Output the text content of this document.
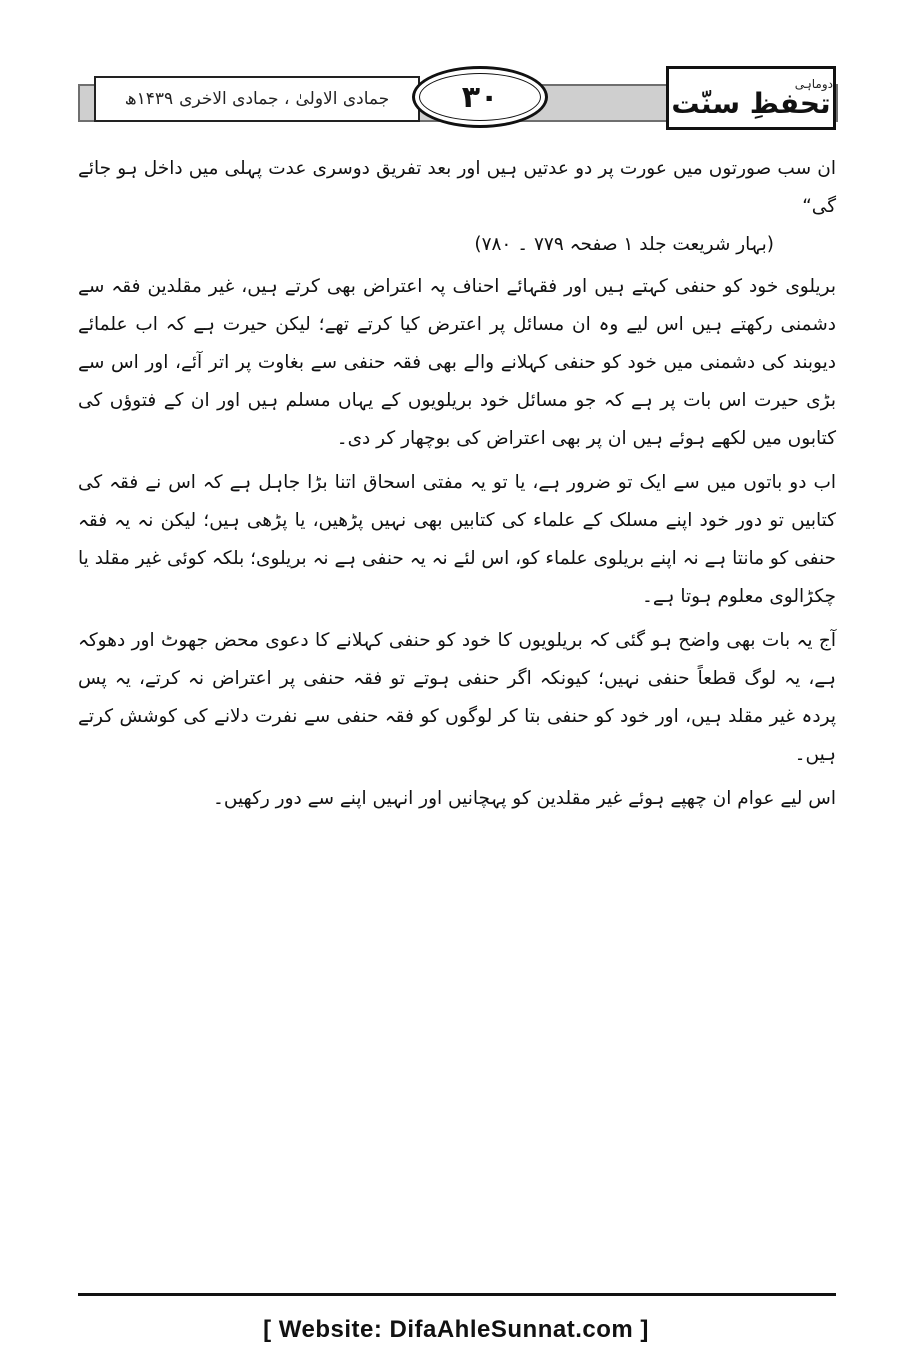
جمادی الاولیٰ
، جمادی الاخری
۱۴۳۹ھ	۳۰	دوماہی
تحفظِ سنّت

ان سب صورتوں میں عورت پر دو عدتیں ہیں اور بعد تفریق دوسری عدت پہلی میں داخل ہو جائے گی“

(بہار شریعت جلد ۱ صفحہ ۷۷۹ ۔ ۷۸۰)

بریلوی خود کو حنفی کہتے ہیں اور فقہائے احناف پہ اعتراض بھی کرتے ہیں، غیر مقلدین فقہ سے دشمنی رکھتے ہیں اس لیے وہ ان مسائل پر اعترض کیا کرتے تھے؛ لیکن حیرت ہے کہ اب علمائے دیوبند کی دشمنی میں خود کو حنفی کہلانے والے بھی فقہ حنفی سے بغاوت پر اتر آئے، اور اس سے بڑی حیرت اس بات پر ہے کہ جو مسائل خود بریلویوں کے یہاں مسلم ہیں اور ان کے فتوؤں کی کتابوں میں لکھے ہوئے ہیں ان پر بھی اعتراض کی بوچھار کر دی۔

اب دو باتوں میں سے ایک تو ضرور ہے، یا تو یہ مفتی اسحاق اتنا بڑا جاہل ہے کہ اس نے فقہ کی کتابیں تو دور خود اپنے مسلک کے علماء کی کتابیں بھی نہیں پڑھیں، یا پڑھی ہیں؛ لیکن نہ یہ فقہ حنفی کو مانتا ہے نہ اپنے بریلوی علماء کو، اس لئے نہ یہ حنفی ہے نہ بریلوی؛ بلکہ کوئی غیر مقلد یا چکڑالوی معلوم ہوتا ہے۔

آج یہ بات بھی واضح ہو گئی کہ بریلویوں کا خود کو حنفی کہلانے کا دعوی محض جھوٹ اور دھوکہ ہے، یہ لوگ قطعاً حنفی نہیں؛ کیونکہ اگر حنفی ہوتے تو فقہ حنفی پر اعتراض نہ کرتے، یہ پس پردہ غیر مقلد ہیں، اور خود کو حنفی بتا کر لوگوں کو فقہ حنفی سے نفرت دلانے کی کوشش کرتے ہیں۔

اس لیے عوام ان چھپے ہوئے غیر مقلدین کو پہچانیں اور انہیں اپنے سے دور رکھیں۔

[ Website: DifaAhleSunnat.com ]
